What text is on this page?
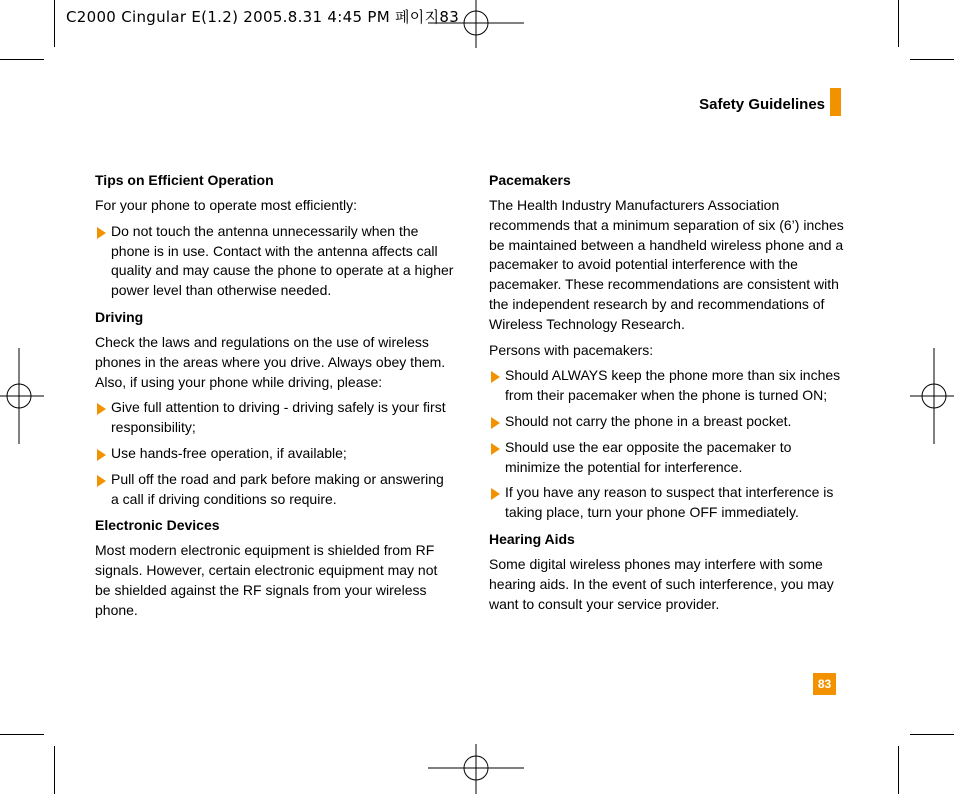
C2000 Cingular E(1.2) 2005.8.31 4:45 PM 페이지83
Safety Guidelines
Tips on Efficient Operation

For your phone to operate most efficiently:

Do not touch the antenna unnecessarily when the phone is in use. Contact with the antenna affects call quality and may cause the phone to operate at a higher power level than otherwise needed.
Driving

Check the laws and regulations on the use of wireless phones in the areas where you drive. Always obey them. Also, if using your phone while driving, please:

Give full attention to driving - driving safely is your first responsibility;
Use hands-free operation, if available;
Pull off the road and park before making or answering a call if driving conditions so require.
Electronic Devices

Most modern electronic equipment is shielded from RF signals. However, certain electronic equipment may not be shielded against the RF signals from your wireless phone.

Pacemakers

The Health Industry Manufacturers Association recommends that a minimum separation of six (6’) inches be maintained between a handheld wireless phone and a pacemaker to avoid potential interference with the pacemaker. These recommendations are consistent with the independent research by and recommendations of Wireless Technology Research.

Persons with pacemakers:

Should ALWAYS keep the phone more than six inches from their pacemaker when the phone is turned ON;
Should not carry the phone in a breast pocket.
Should use the ear opposite the pacemaker to minimize the potential for interference.
If you have any reason to suspect that interference is taking place, turn your phone OFF immediately.
Hearing Aids

Some digital wireless phones may interfere with some hearing aids. In the event of such interference, you may want to consult your service provider.

83
